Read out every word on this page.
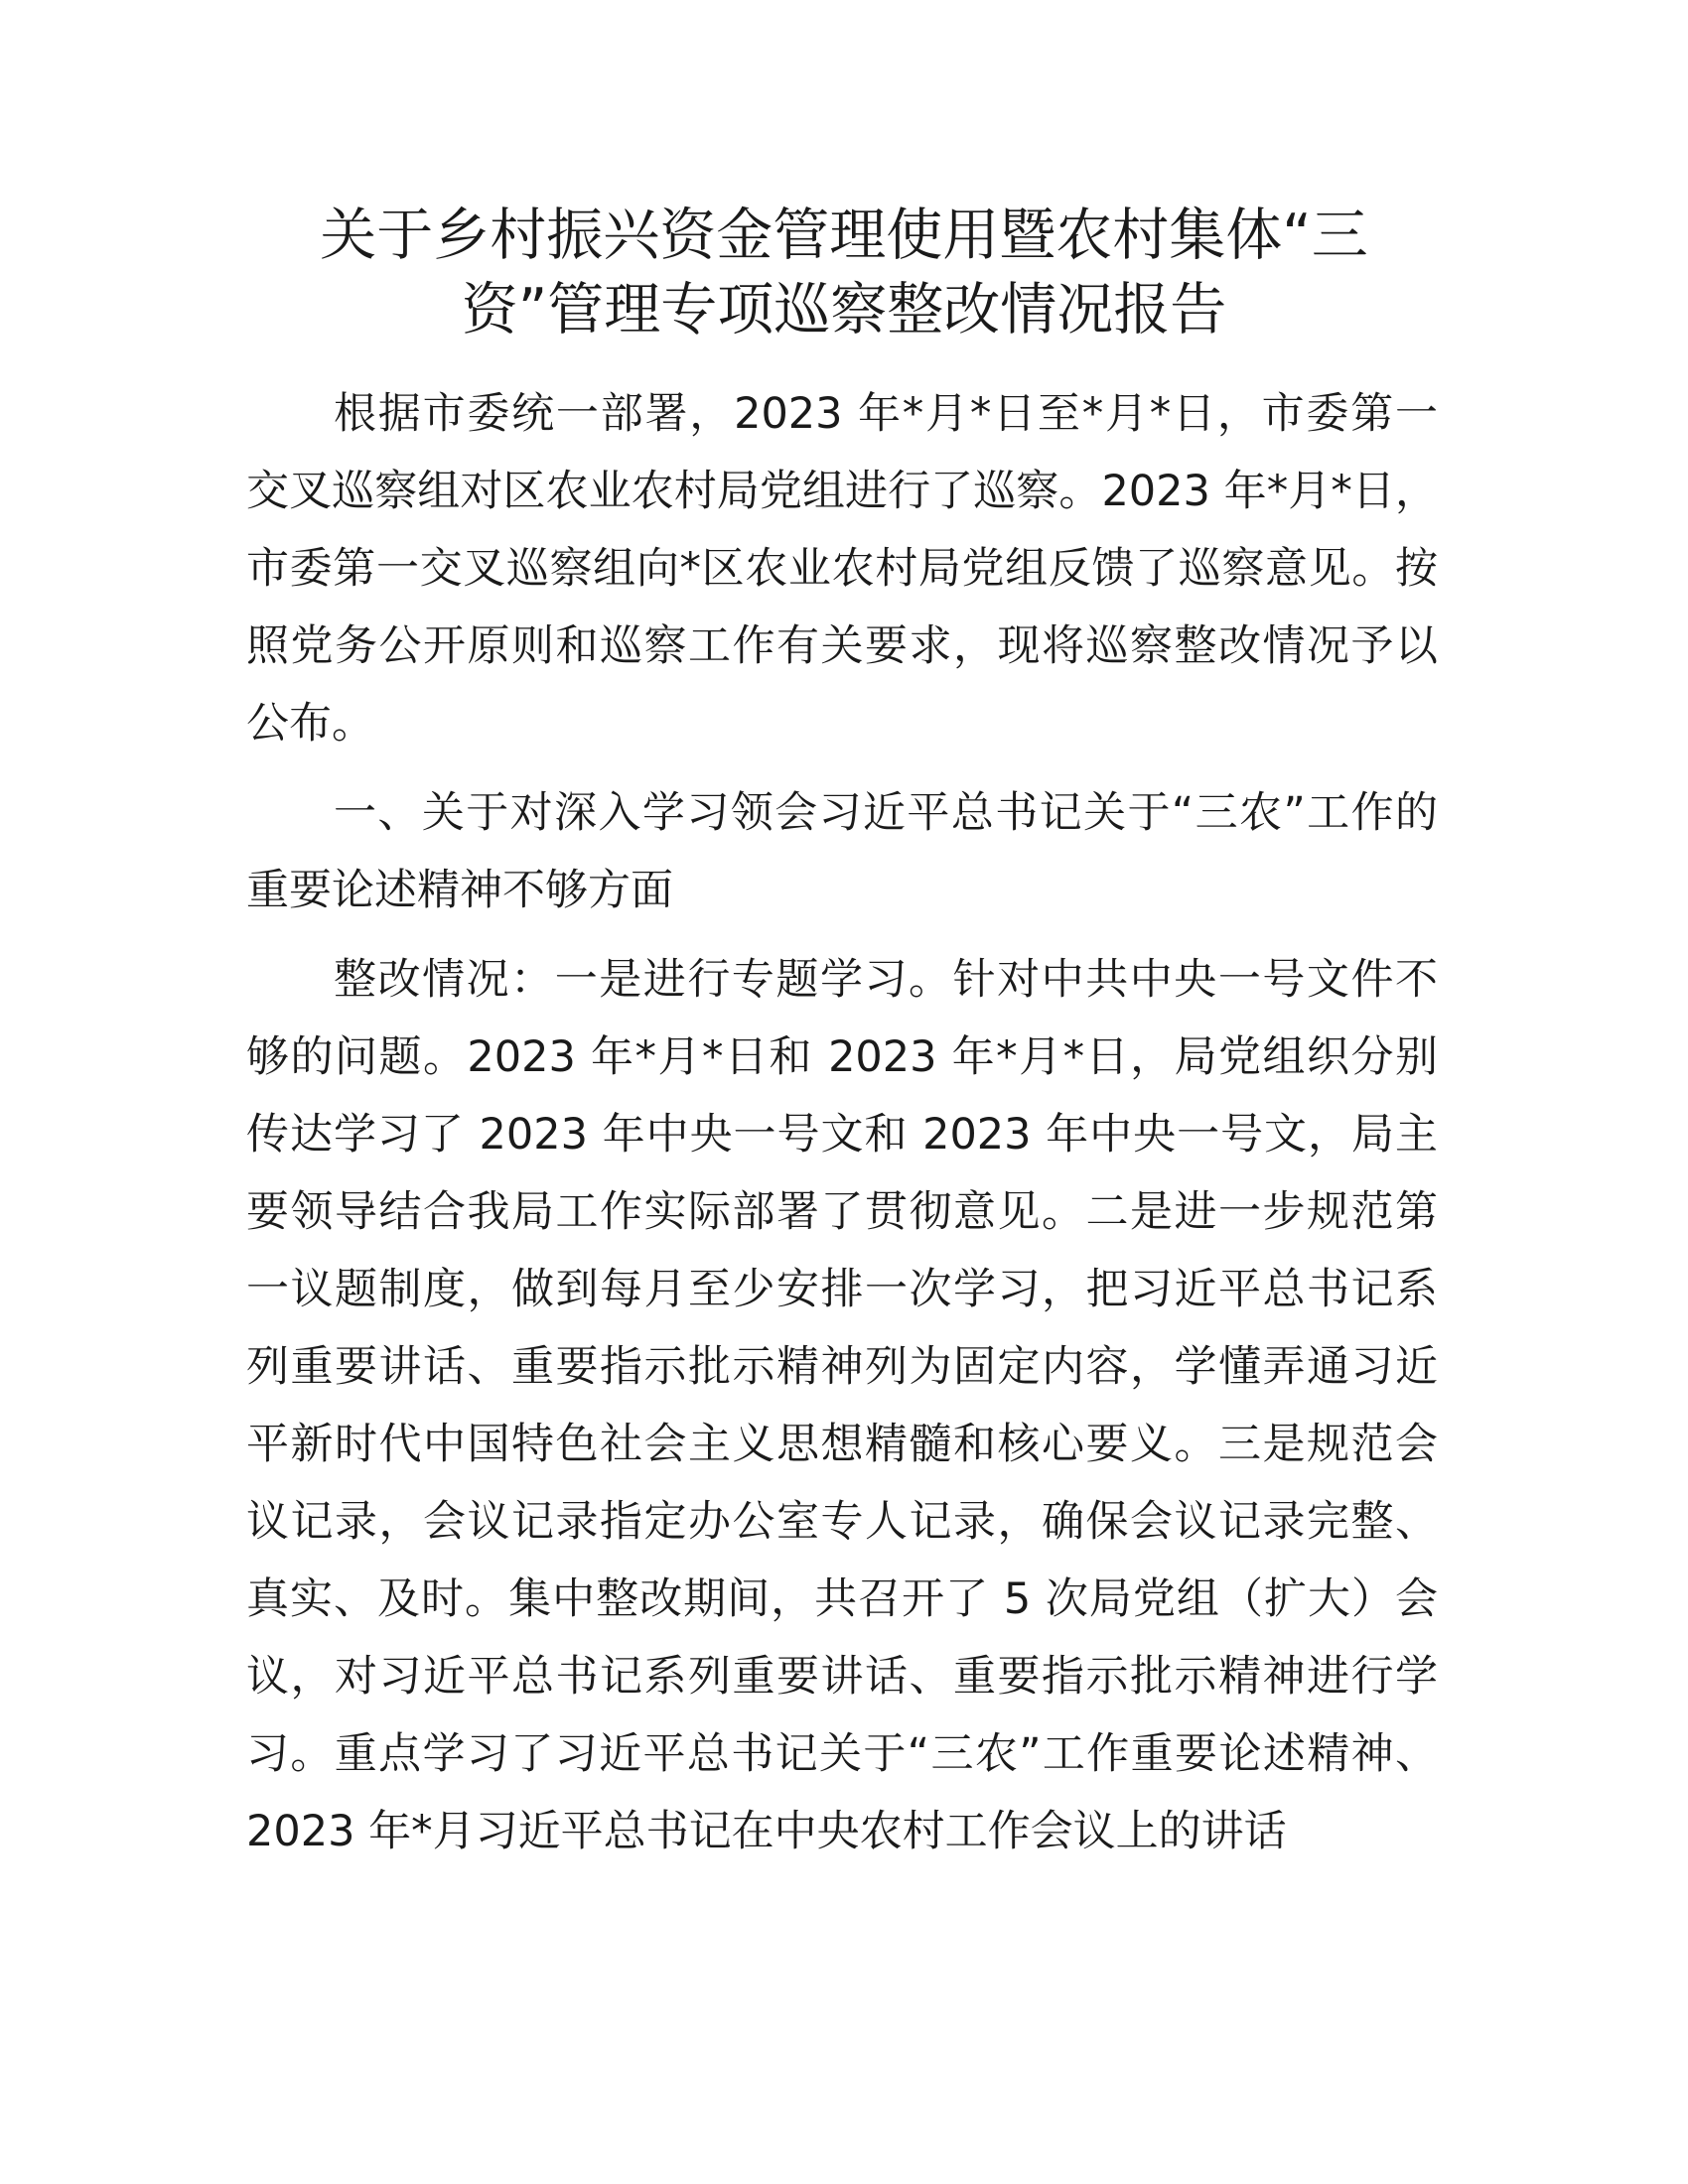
关于乡村振兴资金管理使用暨农村集体“三
资”管理专项巡察整改情况报告

根据市委统一部署，2023 年*月*日至*月*日，市委第一交叉巡察组对区农业农村局党组进行了巡察。2023 年*月*日，市委第一交叉巡察组向*区农业农村局党组反馈了巡察意见。按照党务公开原则和巡察工作有关要求，现将巡察整改情况予以公布。

一、关于对深入学习领会习近平总书记关于“三农”工作的重要论述精神不够方面

整改情况：一是进行专题学习。针对中共中央一号文件不够的问题。2023 年*月*日和 2023 年*月*日，局党组织分别传达学习了 2023 年中央一号文和 2023 年中央一号文，局主要领导结合我局工作实际部署了贯彻意见。二是进一步规范第一议题制度，做到每月至少安排一次学习，把习近平总书记系列重要讲话、重要指示批示精神列为固定内容，学懂弄通习近平新时代中国特色社会主义思想精髓和核心要义。三是规范会议记录，会议记录指定办公室专人记录，确保会议记录完整、真实、及时。集中整改期间，共召开了 5 次局党组（扩大）会议，对习近平总书记系列重要讲话、重要指示批示精神进行学习。重点学习了习近平总书记关于“三农”工作重要论述精神、2023 年*月习近平总书记在中央农村工作会议上的讲话
